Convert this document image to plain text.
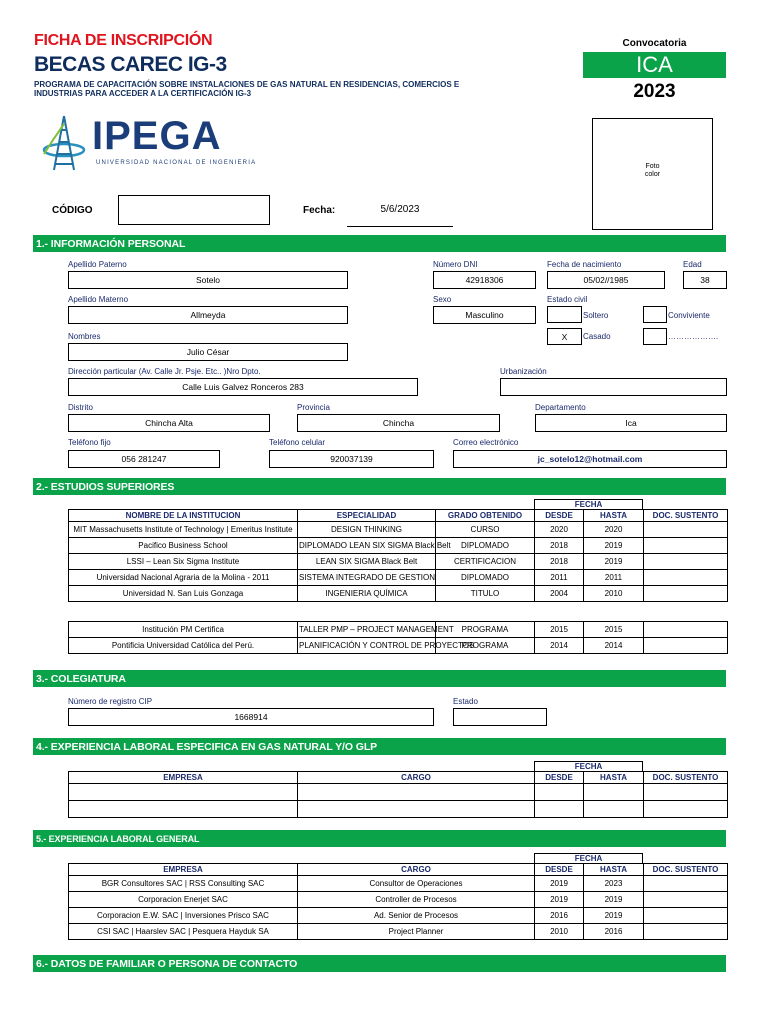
FICHA DE INSCRIPCIÓN
BECAS CAREC IG-3
PROGRAMA DE CAPACITACIÓN SOBRE INSTALACIONES DE GAS NATURAL EN RESIDENCIAS, COMERCIOS E INDUSTRIAS PARA ACCEDER A LA CERTIFICACIÓN IG-3
Convocatoria
ICA
2023
IPEGA
UNIVERSIDAD NACIONAL DE INGENIERIA	Foto
color
CÓDIGO	Fecha:	5/6/2023
1.- INFORMACIÓN PERSONAL
Apellido Paterno
Sotelo
Número DNI
42918306
Fecha de nacimiento
05/02//1985
Edad
38
Apellido Materno
Allmeyda
Sexo
Masculino
Estado civil
Soltero	Conviviente
X	Casado	……………….
Nombres
Julio César
Dirección particular (Av. Calle Jr. Psje. Etc.. )Nro Dpto.
Calle Luis Galvez Ronceros 283
Urbanización
Distrito
Chincha Alta
Provincia
Chincha
Departamento
Ica
Teléfono fijo
056 281247
Teléfono celular
920037139
Correo electrónico
jc_sotelo12@hotmail.com
2.- ESTUDIOS SUPERIORES
FECHA
NOMBRE DE LA INSTITUCION	ESPECIALIDAD	GRADO OBTENIDO	DESDE	HASTA	DOC. SUSTENTO
MIT Massachusetts Institute of Technology | Emeritus Institute	DESIGN THINKING	CURSO	2020	2020	
Pacifico Business School	DIPLOMADO LEAN SIX SIGMA Black Belt	DIPLOMADO	2018	2019	
LSSI – Lean Six Sigma Institute	LEAN SIX SIGMA Black Belt	CERTIFICACION	2018	2019	
Universidad Nacional Agraria de la Molina - 2011	SISTEMA INTEGRADO DE GESTION	DIPLOMADO	2011	2011	
Universidad N. San Luis Gonzaga	INGENIERIA QUÍMICA	TITULO	2004	2010	
Institución PM Certifica	TALLER PMP – PROJECT MANAGEMENT	PROGRAMA	2015	2015	
Pontificia Universidad Católica del Perú.	PLANIFICACIÓN Y CONTROL DE PROYECTOS	PROGRAMA	2014	2014	
3.- COLEGIATURA
Número de registro CIP
1668914
Estado
4.- EXPERIENCIA LABORAL ESPECIFICA EN GAS NATURAL Y/O GLP
FECHA
EMPRESA	CARGO	DESDE	HASTA	DOC. SUSTENTO

5.- EXPERIENCIA LABORAL GENERAL
FECHA
EMPRESA	CARGO	DESDE	HASTA	DOC. SUSTENTO
BGR Consultores SAC | RSS Consulting SAC	Consultor de Operaciones	2019	2023	
Corporacion Enerjet SAC	Controller de Procesos	2019	2019	
Corporacion E.W. SAC | Inversiones Prisco SAC	Ad. Senior de Procesos	2016	2019	
CSI SAC | Haarslev SAC | Pesquera Hayduk SA	Project Planner	2010	2016	
6.- DATOS DE FAMILIAR O PERSONA DE CONTACTO
